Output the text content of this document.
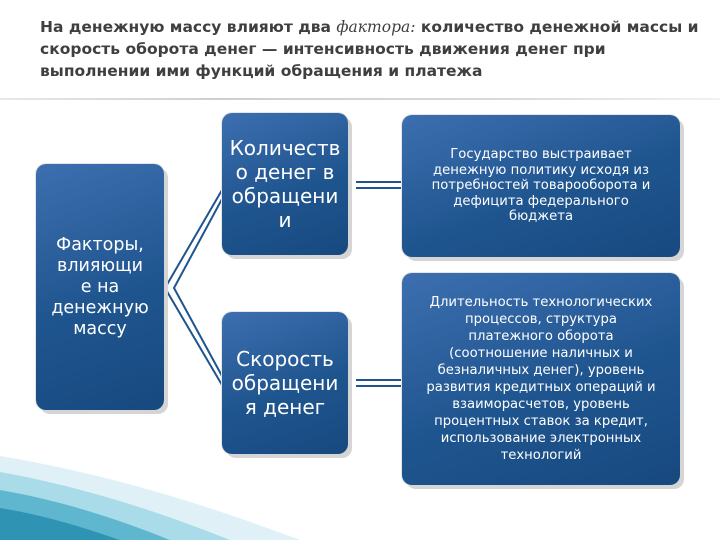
На денежную массу влияют два фактора: количество денежной массы и скорость оборота денег — интенсивность движения денег при выполнении ими функций обращения и платежа
Факторы,
влияющи
е на
денежную
массу
Количеств
о денег в
обращени
и
Скорость
обращени
я денег
Государство выстраивает
денежную политику исходя из
потребностей товарооборота и
дефицита федерального
бюджета
Длительность технологических
процессов, структура
платежного оборота
(соотношение наличных и
безналичных денег), уровень
развития кредитных операций и
взаиморасчетов, уровень
процентных ставок за кредит,
использование электронных
технологий
